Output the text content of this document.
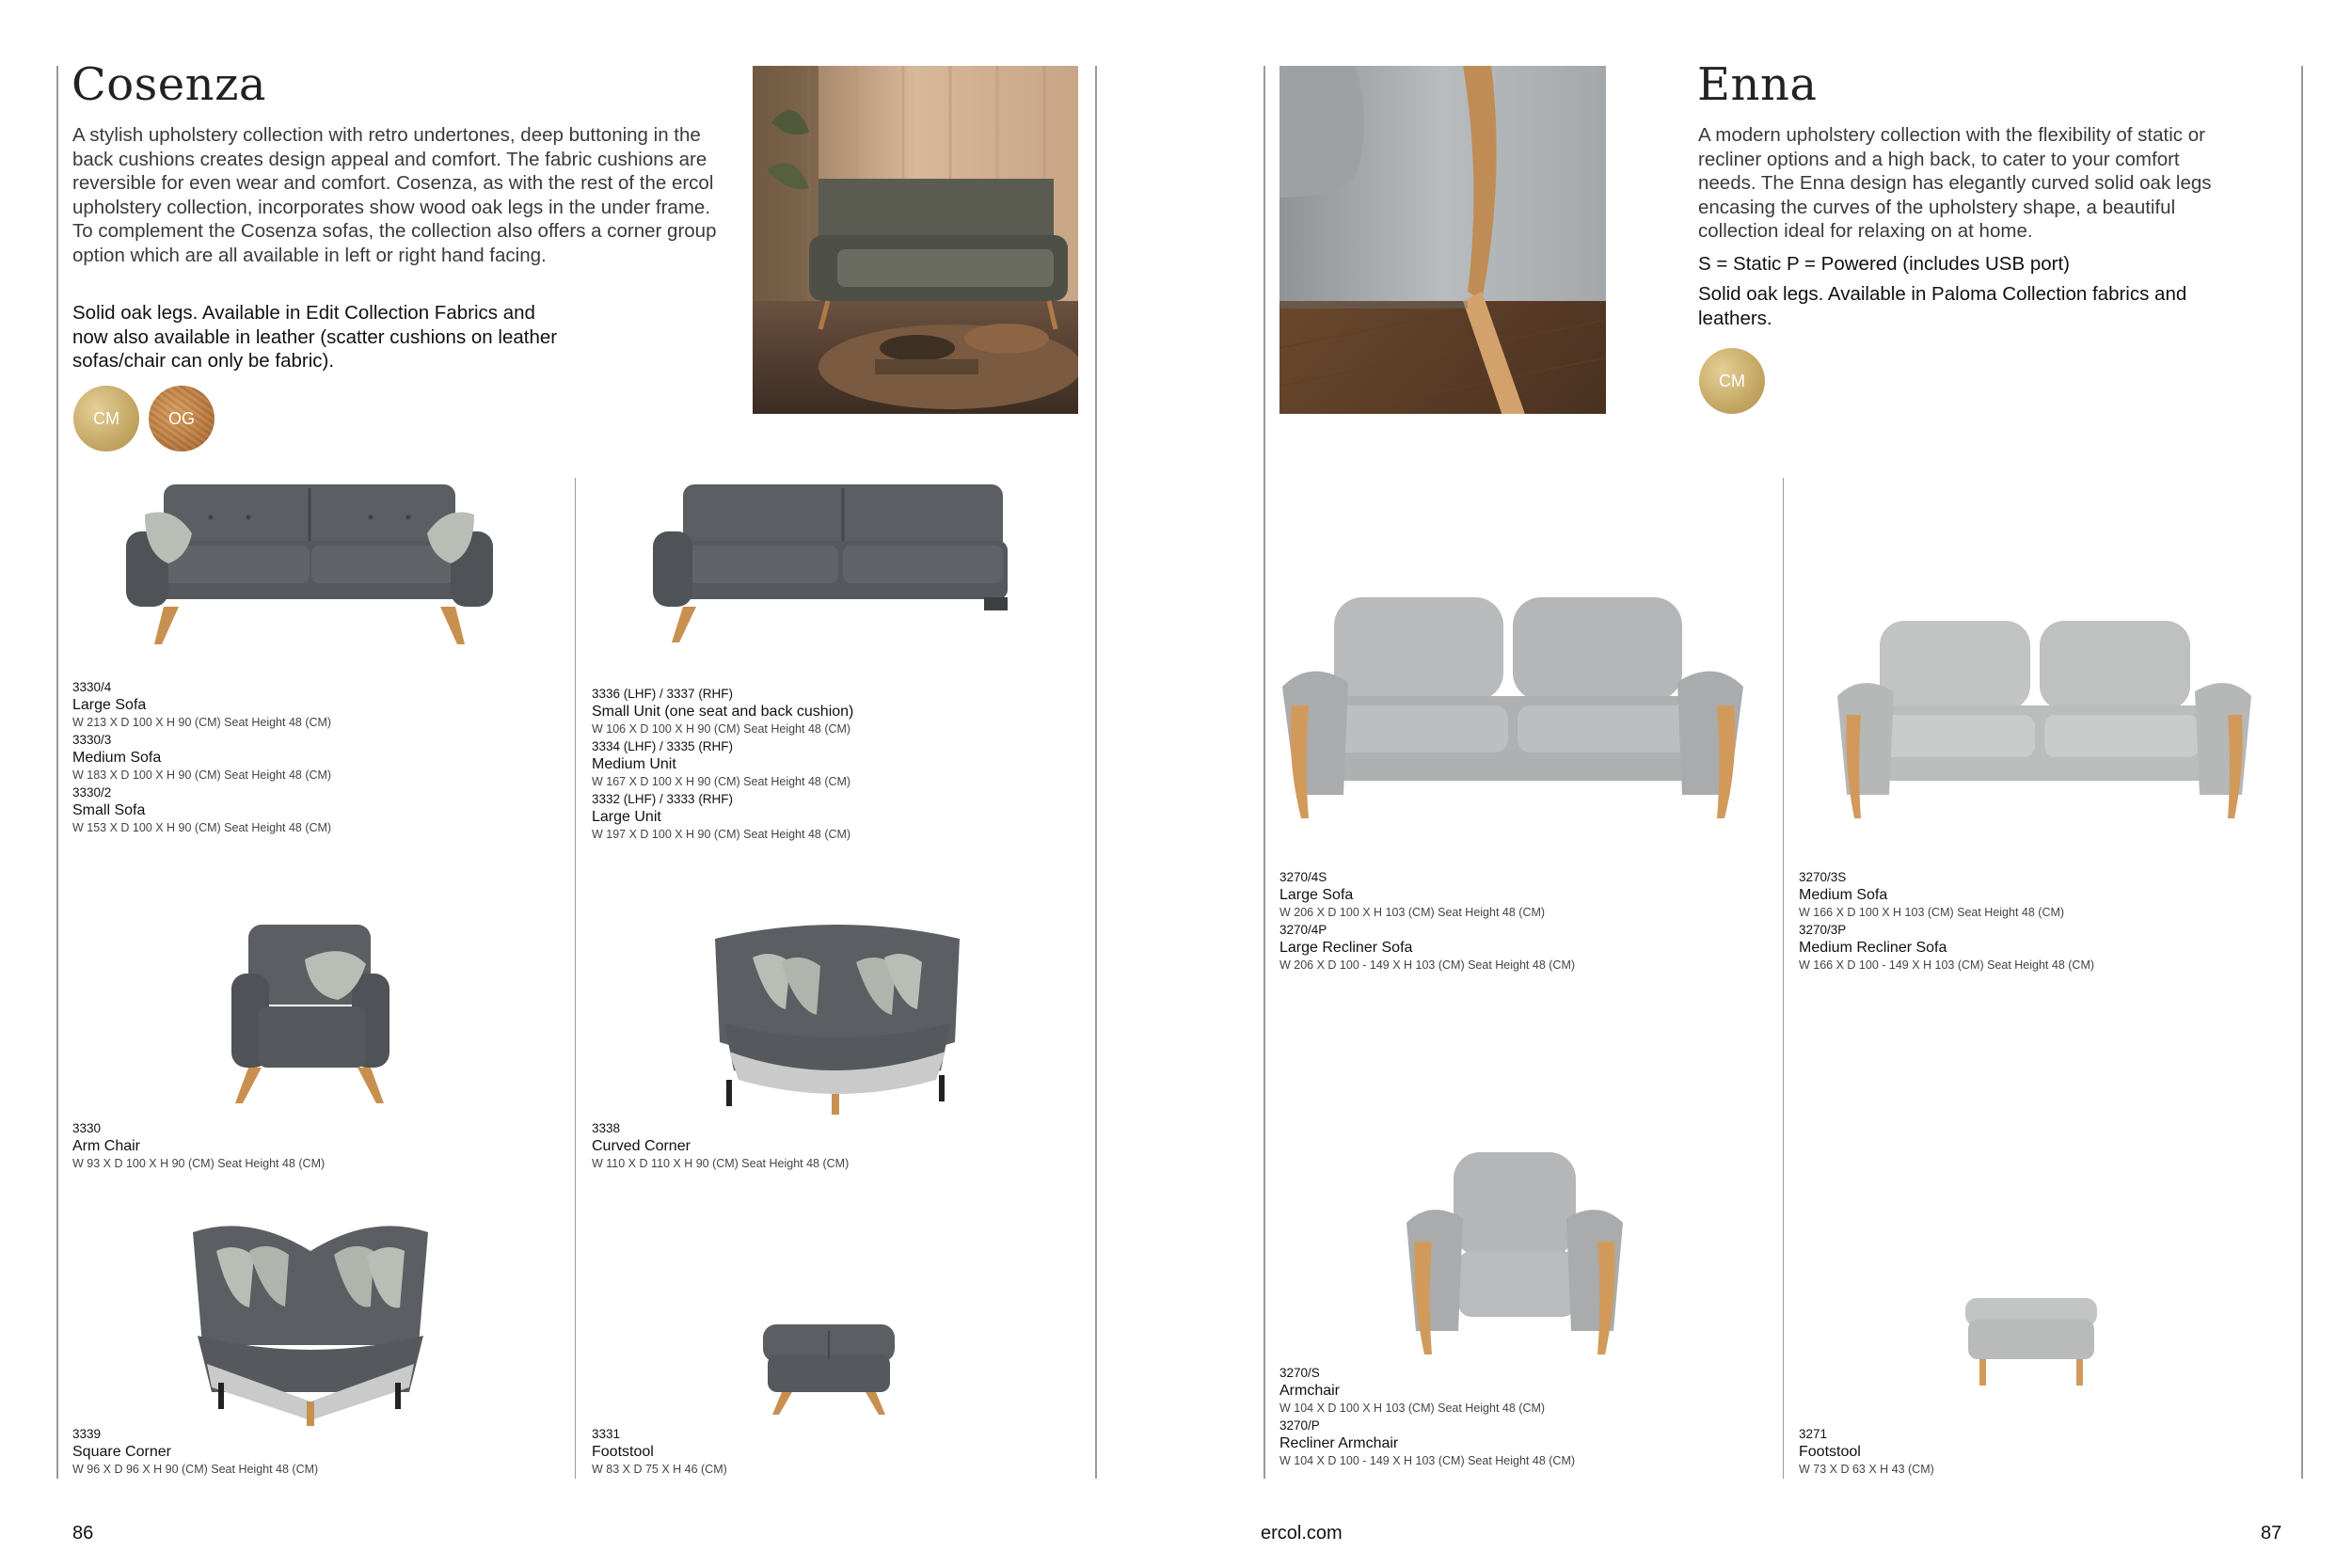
Cosenza
A stylish upholstery collection with retro undertones, deep buttoning in the back cushions creates design appeal and comfort. The fabric cushions are reversible for even wear and comfort. Cosenza, as with the rest of the ercol upholstery collection, incorporates show wood oak legs in the under frame. To complement the Cosenza sofas, the collection also offers a corner group option which are all available in left or right hand facing.
Solid oak legs. Available in Edit Collection Fabrics and now also available in leather (scatter cushions on leather sofas/chair can only be fabric).
CM	OG
3330/4
Large Sofa
W 213 X D 100 X H 90 (CM) Seat Height 48 (CM)
3330/3
Medium Sofa
W 183 X D 100 X H 90 (CM) Seat Height 48 (CM)
3330/2
Small Sofa
W 153 X D 100 X H 90 (CM) Seat Height 48 (CM)
3336 (LHF) / 3337 (RHF)
Small Unit (one seat and back cushion)
W 106 X D 100 X H 90 (CM) Seat Height 48 (CM)
3334 (LHF) / 3335 (RHF)
Medium Unit
W 167 X D 100 X H 90 (CM) Seat Height 48 (CM)
3332 (LHF) / 3333 (RHF)
Large Unit
W 197 X D 100 X H 90 (CM) Seat Height 48 (CM)
3330
Arm Chair
W 93 X D 100 X H 90 (CM) Seat Height 48 (CM)
3338
Curved Corner
W 110 X D 110 X H 90 (CM) Seat Height 48 (CM)
3339
Square Corner
W 96 X D 96 X H 90 (CM) Seat Height 48 (CM)
3331
Footstool
W 83 X D 75 X H 46 (CM)
86
Enna
A modern upholstery collection with the flexibility of static or recliner options and a high back, to cater to your comfort needs. The Enna design has elegantly curved solid oak legs encasing the curves of the upholstery shape, a beautiful collection ideal for relaxing on at home.
S = Static P = Powered (includes USB port)
Solid oak legs. Available in Paloma Collection fabrics and leathers.
CM
3270/4S
Large Sofa
W 206 X D 100 X H 103 (CM) Seat Height 48 (CM)
3270/4P
Large Recliner Sofa
W 206 X D 100 - 149 X H 103 (CM) Seat Height 48 (CM)
3270/3S
Medium Sofa
W 166 X D 100 X H 103 (CM) Seat Height 48 (CM)
3270/3P
Medium Recliner Sofa
W 166 X D 100 - 149 X H 103 (CM) Seat Height 48 (CM)
3270/S
Armchair
W 104 X D 100 X H 103 (CM) Seat Height 48 (CM)
3270/P
Recliner Armchair
W 104 X D 100 - 149 X H 103 (CM) Seat Height 48 (CM)
3271
Footstool
W 73 X D 63 X H 43 (CM)
ercol.com	87
